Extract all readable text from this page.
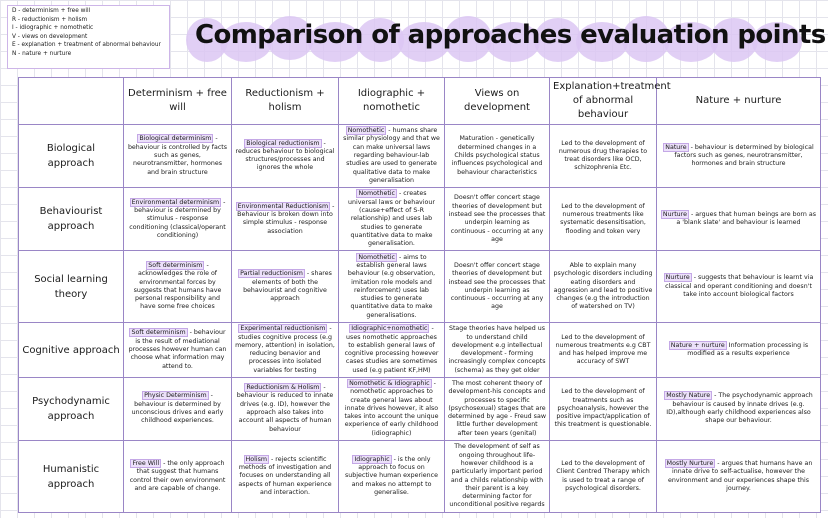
D - determinism + free will
R - reductionism + holism
I - idiographic + nomothetic
V - views on development
E - explanation + treatment of abnormal behaviour
N - nature + nurture
Comparison of approaches evaluation points
	Determinism + free will	Reductionism + holism	Idiographic + nomothetic	Views on development	Explanation+treatment of abnormal behaviour	Nature + nurture
Biological approach	Biological determinism - behaviour is controlled by facts such as genes, neurotransmitter, hormones and brain structure	Biological reductionism - reduces behaviour to biological structures/processes and ignores the whole	Nomothetic - humans share similar physiology and that we can make universal laws regarding behaviour-lab studies are used to generate qualitative data to make generalisation	Maturation - genetically determined changes in a Childs psychological status influences psychological and behaviour characteristics	Led to the development of numerous drug therapies to treat disorders like OCD, schizophrenia Etc.	Nature - behaviour is determined by biological factors such as genes, neurotransmitter, hormones and brain structure
Behaviourist approach	Environmental determinism - behaviour is determined by stimulus - response conditioning (classical/operant conditioning)	Environmental Reductionism - Behaviour is broken down into simple stimulus - response association	Nomothetic - creates universal laws or behaviour (cause+effect of S-R relationship) and uses lab studies to generate quantitative data to make generalisation.	Doesn't offer concert stage theories of development but instead see the processes that underpin learning as continuous - occurring at any age	Led to the development of numerous treatments like systematic desensitisation, flooding and token very	Nurture - argues that human beings are born as a 'blank slate' and behaviour is learned
Social learning theory	Soft determinism - acknowledges the role of environmental forces by suggests that humans have personal responsibility and have some free choices	Partial reductionism - shares elements of both the behaviourist and cognitive approach	Nomothetic - aims to establish general laws behaviour (e.g observation, imitation role models and reinforcement) uses lab studies to generate quantitative data to make generalisations.	Doesn't offer concert stage theories of development but instead see the processes that underpin learning as continuous - occurring at any age	Able to explain many psychologic disorders including eating disorders and aggression and lead to positive changes (e.g the introduction of watershed on TV)	Nurture - suggests that behaviour is learnt via classical and operant conditioning and doesn't take into account biological factors
Cognitive approach	Soft determinism - behaviour is the result of mediational processes however human can choose what information may attend to.	Experimental reductionism - studies cognitive process (e.g memory, attention) in isolation, reducing benavior and processes into isolated variables for testing	Idiographic+nomothetic - uses nomothetic approaches to establish general laws of cognitive processing however cases studies are sometimes used (e.g patient KF,HM)	Stage theories have helped us to understand child development e.g intellectual development - forming increasingly complex concepts (schema) as they get older	Led to the development of numerous treatments e.g CBT and has helped improve me accuracy of SWT	Nature + nurture Information processing is modified as a results experience
Psychodynamic approach	Physic Determinism - behaviour is determined by unconscious drives and early childhood experiences.	Reductionism & Holism - behaviour is reduced to innate drives (e.g. ID), however the approach also takes into account all aspects of human behaviour	Nomothetic & Idiographic - nomothetic approaches to create general laws about innate drives however, it also takes into account the unique experience of early childhood (idiographic)	The most coherent theory of development-his concepts and processes to specific (psychosexual) stages that are determined by age - Freud saw little further development after teen years (genital)	Led to the development of treatments such as psychoanalysis, however the positive impact/application of this treatment is questionable.	Mostly Nature - The psychodynamic approach behaviour is caused by innate drives (e.g. ID),although early childhood experiences also shape our behaviour.
Humanistic approach	Free Will - the only approach that suggest that humans control their own environment and are capable of change.	Holism - rejects scientific methods of investigation and focuses on understanding all aspects of human experience and interaction.	Idiographic - is the only approach to focus on subjective human experience and makes no attempt to generalise.	The development of self as ongoing throughout life-however childhood is a particularly important period and a childs relationship with their parent is a key determining factor for unconditional positive regards	Led to the development of Client Centred Therapy which is used to treat a range of psychological disorders.	Mostly Nurture - argues that humans have an innate drive to self-actualise, however the environment and our experiences shape this journey.
